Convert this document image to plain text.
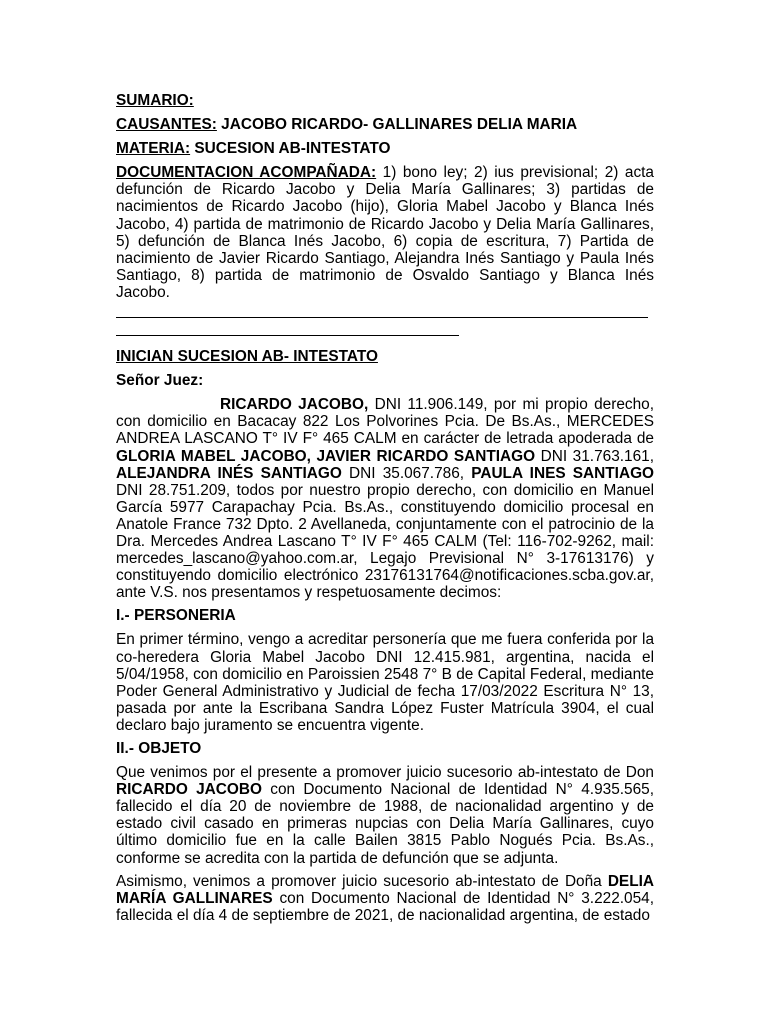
SUMARIO:

CAUSANTES: JACOBO RICARDO- GALLINARES DELIA MARIA

MATERIA: SUCESION AB-INTESTATO

DOCUMENTACION ACOMPAÑADA: 1) bono ley; 2) ius previsional; 2) acta defunción de Ricardo Jacobo y Delia María Gallinares; 3) partidas de nacimientos de Ricardo Jacobo (hijo), Gloria Mabel Jacobo y Blanca Inés Jacobo, 4) partida de matrimonio de Ricardo Jacobo y Delia María Gallinares, 5) defunción de Blanca Inés Jacobo, 6) copia de escritura, 7) Partida de nacimiento de Javier Ricardo Santiago, Alejandra Inés Santiago y Paula Inés Santiago, 8) partida de matrimonio de Osvaldo Santiago y Blanca Inés Jacobo.

INICIAN SUCESION AB- INTESTATO

Señor Juez:

RICARDO JACOBO, DNI 11.906.149, por mi propio derecho, con domicilio en Bacacay 822 Los Polvorines Pcia. De Bs.As., MERCEDES ANDREA LASCANO T° IV F° 465 CALM en carácter de letrada apoderada de GLORIA MABEL JACOBO, JAVIER RICARDO SANTIAGO DNI 31.763.161, ALEJANDRA INÉS SANTIAGO DNI 35.067.786, PAULA INES SANTIAGO DNI 28.751.209, todos por nuestro propio derecho, con domicilio en Manuel García 5977 Carapachay Pcia. Bs.As., constituyendo domicilio procesal en Anatole France 732 Dpto. 2 Avellaneda, conjuntamente con el patrocinio de la Dra. Mercedes Andrea Lascano T° IV F° 465 CALM (Tel: 116-702-9262, mail: mercedes_lascano@yahoo.com.ar, Legajo Previsional N° 3-17613176) y constituyendo domicilio electrónico 23176131764@notificaciones.scba.gov.ar, ante V.S. nos presentamos y respetuosamente decimos:

I.- PERSONERIA

En primer término, vengo a acreditar personería que me fuera conferida por la co-heredera Gloria Mabel Jacobo DNI 12.415.981, argentina, nacida el 5/04/1958, con domicilio en Paroissien 2548 7° B de Capital Federal, mediante Poder General Administrativo y Judicial de fecha 17/03/2022 Escritura N° 13, pasada por ante la Escribana Sandra López Fuster Matrícula 3904, el cual declaro bajo juramento se encuentra vigente.

II.- OBJETO

Que venimos por el presente a promover juicio sucesorio ab-intestato de Don RICARDO JACOBO con Documento Nacional de Identidad N° 4.935.565, fallecido el día 20 de noviembre de 1988, de nacionalidad argentino y de estado civil casado en primeras nupcias con Delia María Gallinares, cuyo último domicilio fue en la calle Bailen 3815 Pablo Nogués Pcia. Bs.As., conforme se acredita con la partida de defunción que se adjunta.

Asimismo, venimos a promover juicio sucesorio ab-intestato de Doña DELIA MARÍA GALLINARES con Documento Nacional de Identidad N° 3.222.054, fallecida el día 4 de septiembre de 2021, de nacionalidad argentina, de estado
